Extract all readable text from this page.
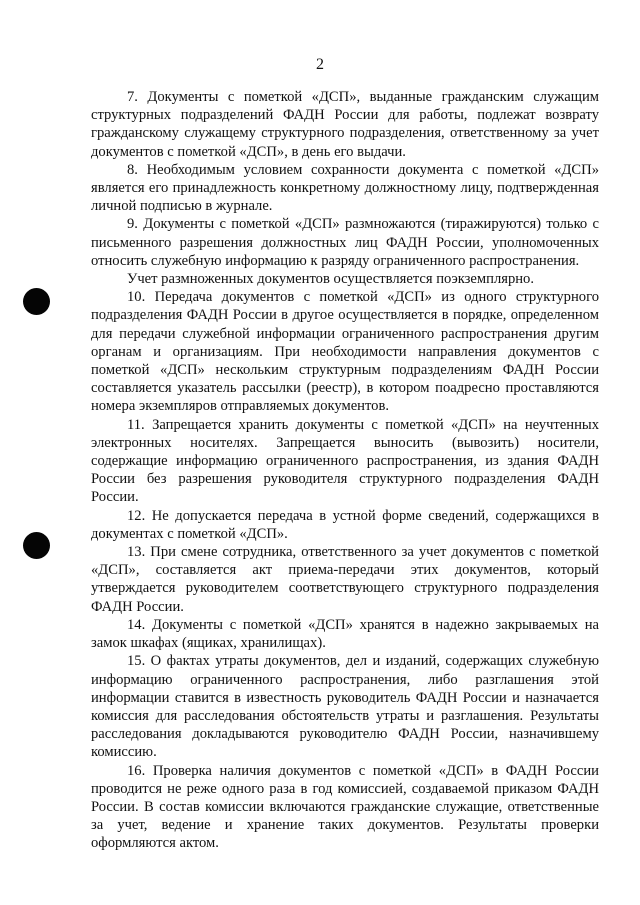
2

7. Документы с пометкой «ДСП», выданные гражданским служащим структурных подразделений ФАДН России для работы, подлежат возврату гражданскому служащему структурного подразделения, ответственному за учет документов с пометкой «ДСП», в день его выдачи.

8. Необходимым условием сохранности документа с пометкой «ДСП» является его принадлежность конкретному должностному лицу, подтвержденная личной подписью в журнале.

9. Документы с пометкой «ДСП» размножаются (тиражируются) только с письменного разрешения должностных лиц ФАДН России, уполномоченных относить служебную информацию к разряду ограниченного распространения.

Учет размноженных документов осуществляется поэкземплярно.

10. Передача документов с пометкой «ДСП» из одного структурного подразделения ФАДН России в другое осуществляется в порядке, определенном для передачи служебной информации ограниченного распространения другим органам и организациям. При необходимости направления документов с пометкой «ДСП» нескольким структурным подразделениям ФАДН России составляется указатель рассылки (реестр), в котором поадресно проставляются номера экземпляров отправляемых документов.

11. Запрещается хранить документы с пометкой «ДСП» на неучтенных электронных носителях. Запрещается выносить (вывозить) носители, содержащие информацию ограниченного распространения, из здания ФАДН России без разрешения руководителя структурного подразделения ФАДН России.

12. Не допускается передача в устной форме сведений, содержащихся в документах с пометкой «ДСП».

13. При смене сотрудника, ответственного за учет документов с пометкой «ДСП», составляется акт приема-передачи этих документов, который утверждается руководителем соответствующего структурного подразделения ФАДН России.

14. Документы с пометкой «ДСП» хранятся в надежно закрываемых на замок шкафах (ящиках, хранилищах).

15. О фактах утраты документов, дел и изданий, содержащих служебную информацию ограниченного распространения, либо разглашения этой информации ставится в известность руководитель ФАДН России и назначается комиссия для расследования обстоятельств утраты и разглашения. Результаты расследования докладываются руководителю ФАДН России, назначившему комиссию.

16. Проверка наличия документов с пометкой «ДСП» в ФАДН России проводится не реже одного раза в год комиссией, создаваемой приказом ФАДН России. В состав комиссии включаются гражданские служащие, ответственные за учет, ведение и хранение таких документов. Результаты проверки оформляются актом.
